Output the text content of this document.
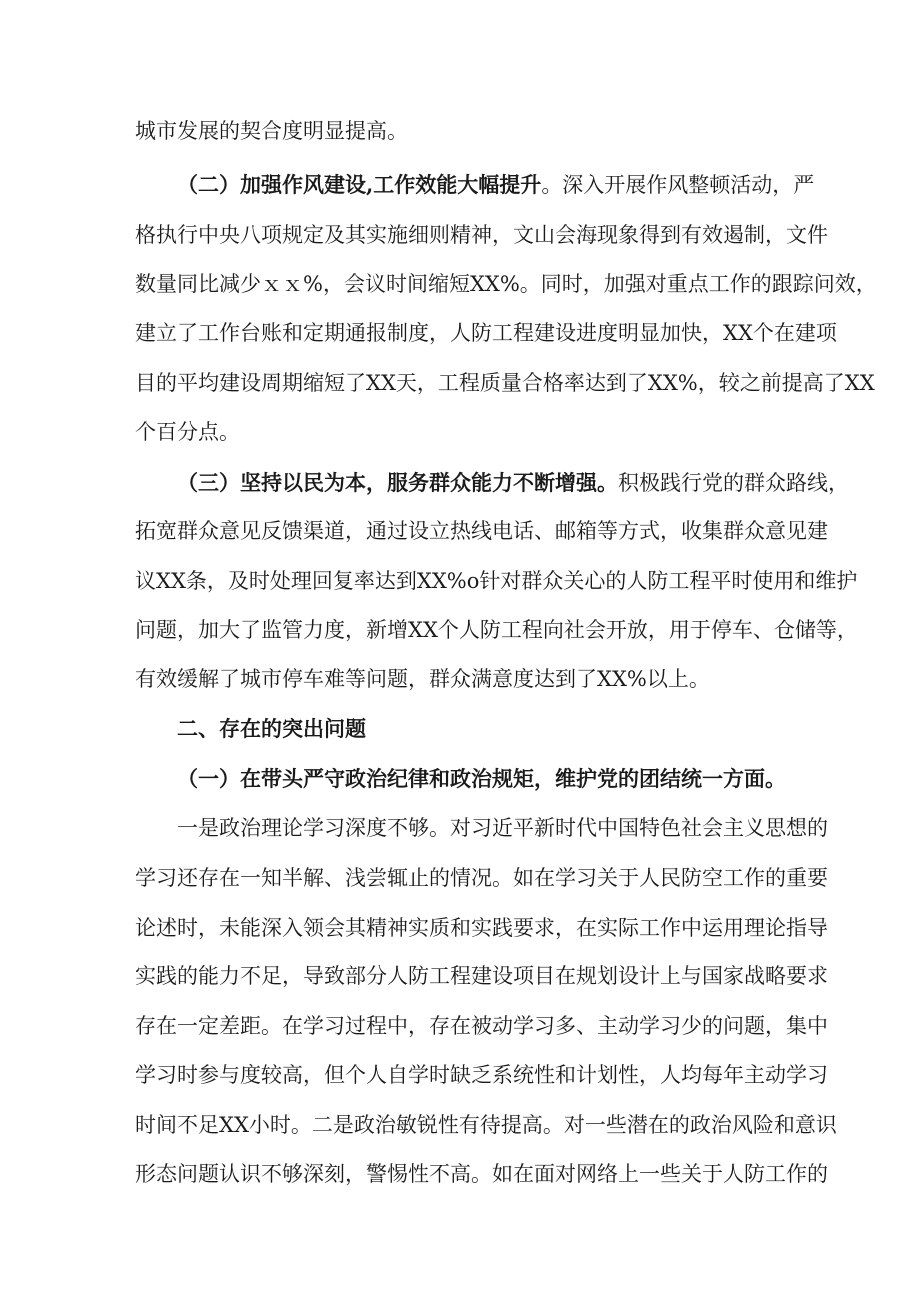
城市发展的契合度明显提高。
（二）加强作风建设,工作效能大幅提升。深入开展作风整顿活动，严
格执行中央八项规定及其实施细则精神，文山会海现象得到有效遏制，文件
数量同比减少ｘｘ%，会议时间缩短XX%。同时，加强对重点工作的跟踪问效，
建立了工作台账和定期通报制度，人防工程建设进度明显加快，XX个在建项
目的平均建设周期缩短了XX天，工程质量合格率达到了XX%，较之前提高了XX
个百分点。
（三）坚持以民为本，服务群众能力不断增强。积极践行党的群众路线，
拓宽群众意见反馈渠道，通过设立热线电话、邮箱等方式，收集群众意见建
议XX条，及时处理回复率达到XX%o针对群众关心的人防工程平时使用和维护
问题，加大了监管力度，新增XX个人防工程向社会开放，用于停车、仓储等，
有效缓解了城市停车难等问题，群众满意度达到了XX%以上。
二、存在的突出问题
（一）在带头严守政治纪律和政治规矩，维护党的团结统一方面。
一是政治理论学习深度不够。对习近平新时代中国特色社会主义思想的
学习还存在一知半解、浅尝辄止的情况。如在学习关于人民防空工作的重要
论述时，未能深入领会其精神实质和实践要求，在实际工作中运用理论指导
实践的能力不足，导致部分人防工程建设项目在规划设计上与国家战略要求
存在一定差距。在学习过程中，存在被动学习多、主动学习少的问题，集中
学习时参与度较高，但个人自学时缺乏系统性和计划性，人均每年主动学习
时间不足XX小时。二是政治敏锐性有待提高。对一些潜在的政治风险和意识
形态问题认识不够深刻，警惕性不高。如在面对网络上一些关于人防工作的
